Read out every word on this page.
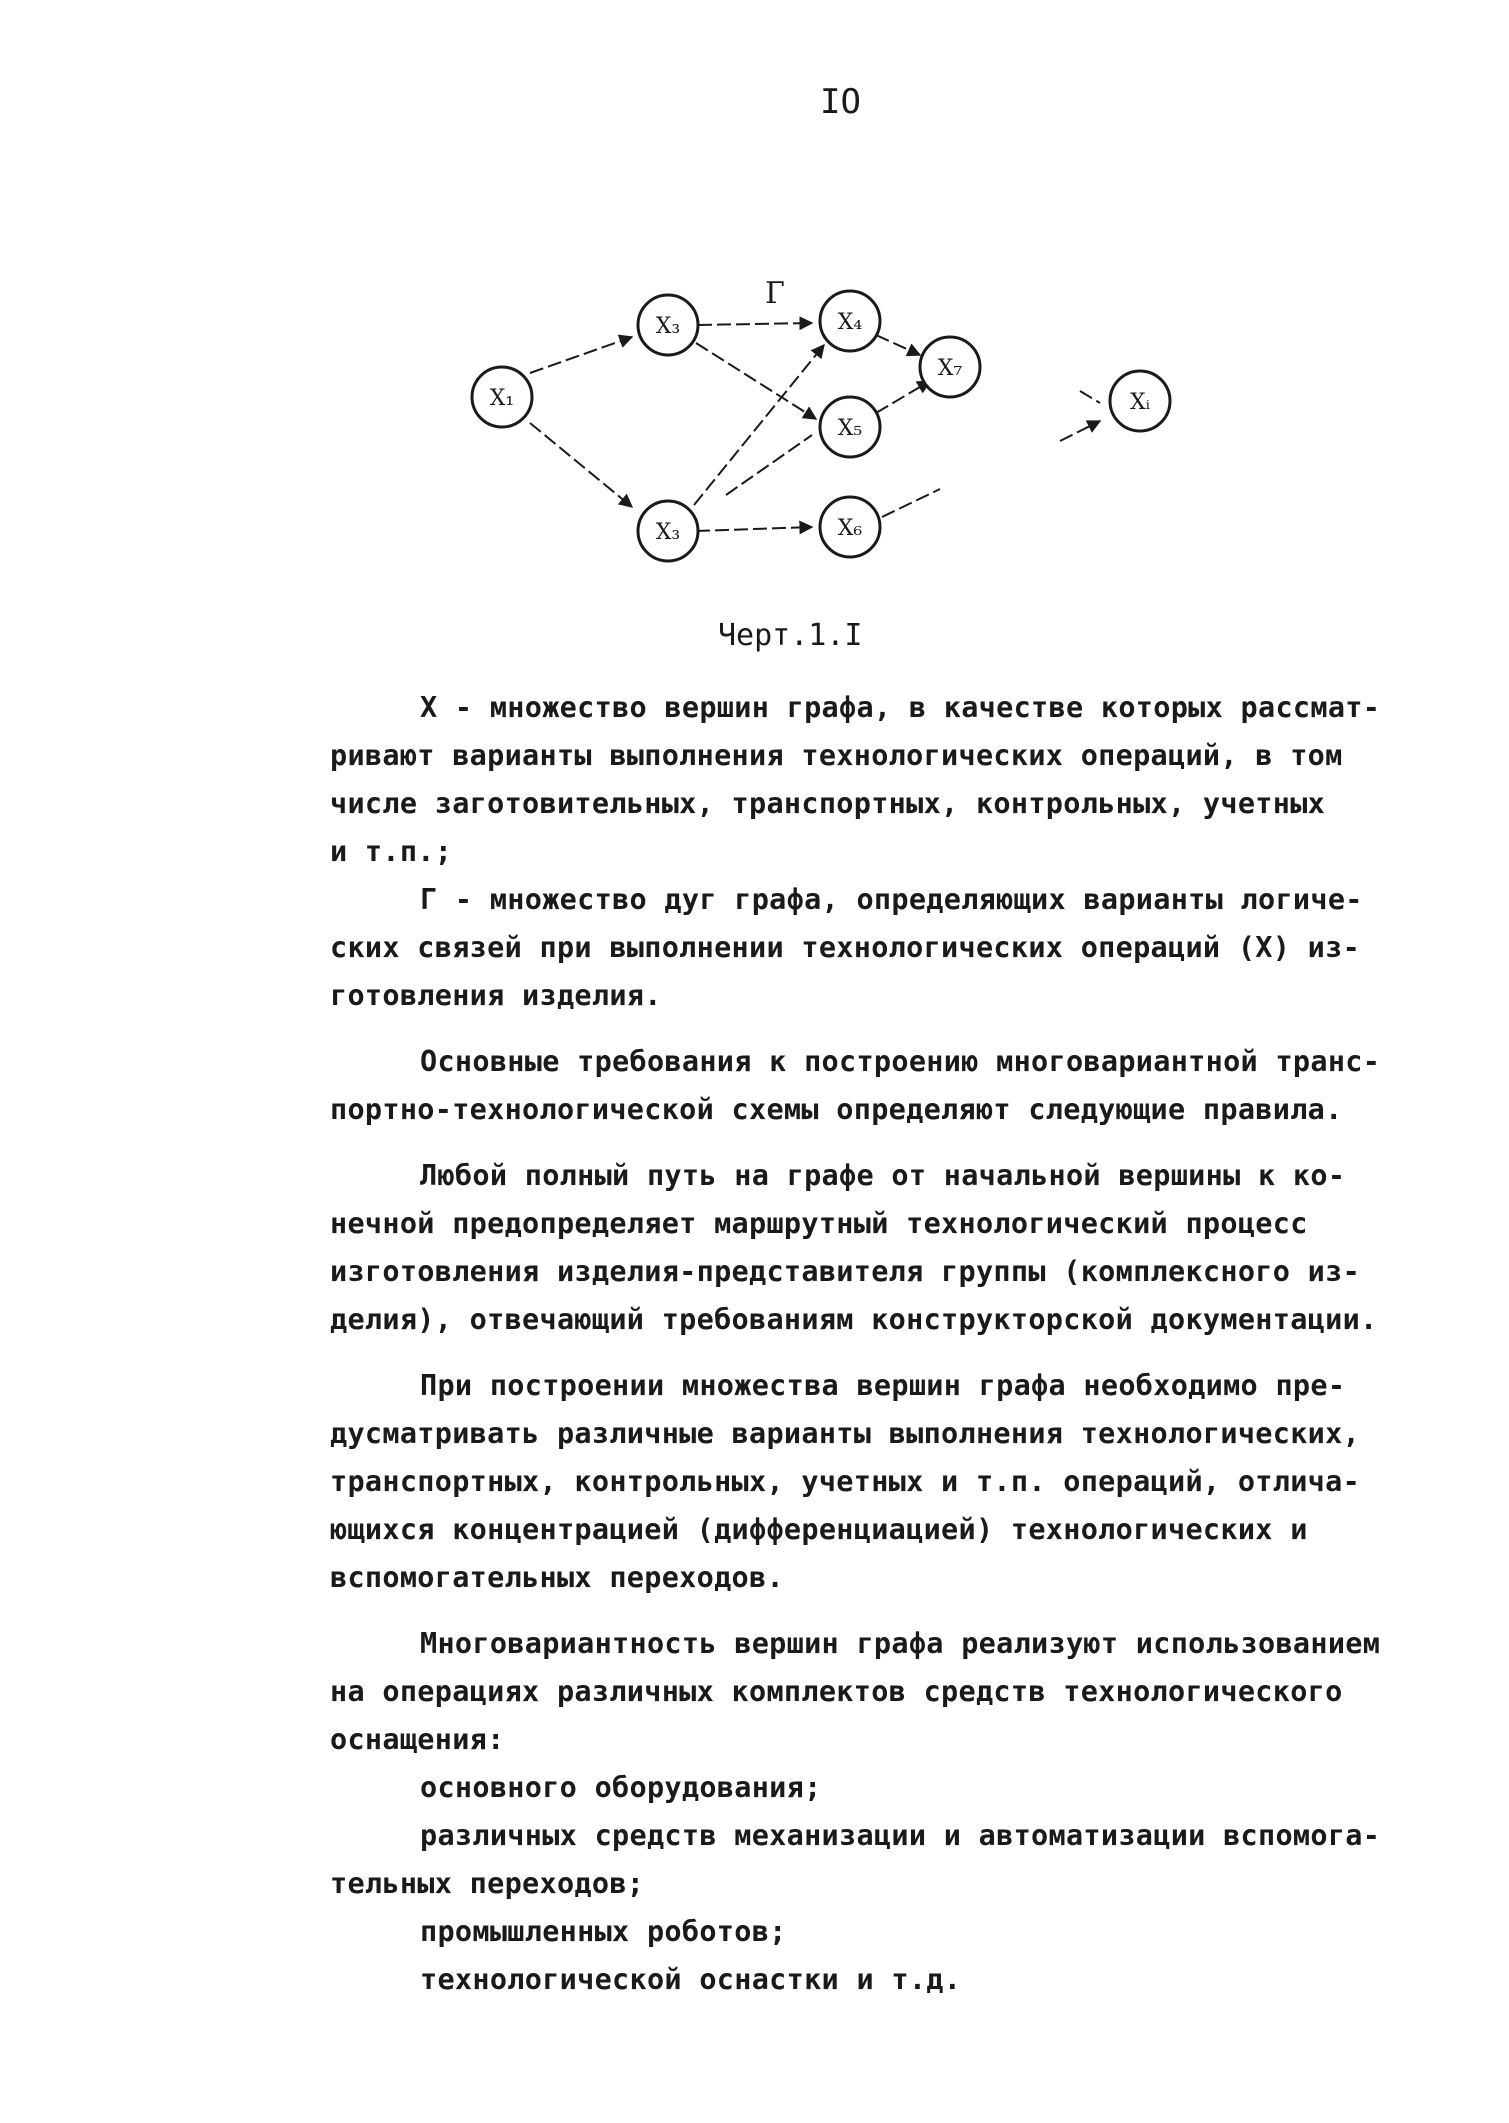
IO
Г
X₁
X₃
X₃
X₄
X₅
X₆
X₇
Xᵢ
Черт.1.I

Х - множество вершин графа, в качестве которых рассмат-
ривают варианты выполнения технологических операций, в том
числе заготовительных, транспортных, контрольных, учетных
и т.п.;

Г - множество дуг графа, определяющих варианты логиче-
ских связей при выполнении технологических операций (Х) из-
готовления изделия.

Основные требования к построению многовариантной транс-
портно-технологической схемы определяют следующие правила.

Любой полный путь на графе от начальной вершины к ко-
нечной предопределяет маршрутный технологический процесс
изготовления изделия-представителя группы (комплексного из-
делия), отвечающий требованиям конструкторской документации.

При построении множества вершин графа необходимо пре-
дусматривать различные варианты выполнения технологических,
транспортных, контрольных, учетных и т.п. операций, отлича-
ющихся концентрацией (дифференциацией) технологических и
вспомогательных переходов.

Многовариантность вершин графа реализуют использованием
на операциях различных комплектов средств технологического
оснащения:

основного оборудования;

различных средств механизации и автоматизации вспомога-
тельных переходов;

промышленных роботов;

технологической оснастки и т.д.
